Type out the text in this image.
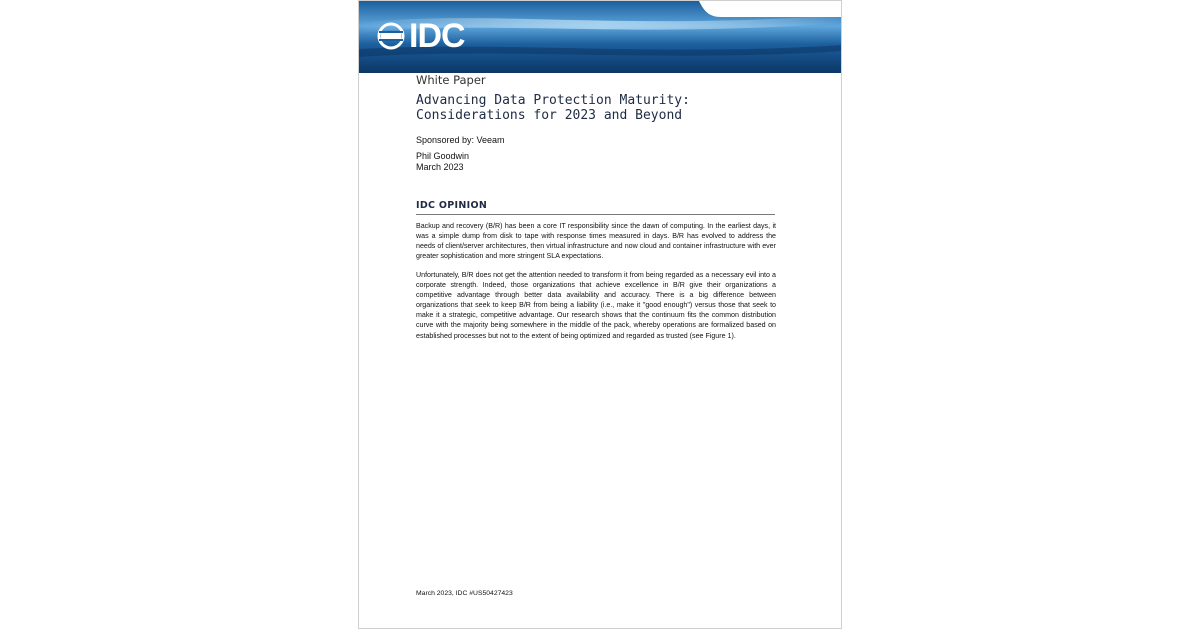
IDC
White Paper
Advancing Data Protection Maturity: Considerations for 2023 and Beyond
Sponsored by: Veeam
Phil Goodwin
March 2023
IDC OPINION
Backup and recovery (B/R) has been a core IT responsibility since the dawn of computing. In the earliest days, it was a simple dump from disk to tape with response times measured in days. B/R has evolved to address the needs of client/server architectures, then virtual infrastructure and now cloud and container infrastructure with ever greater sophistication and more stringent SLA expectations.
Unfortunately, B/R does not get the attention needed to transform it from being regarded as a necessary evil into a corporate strength. Indeed, those organizations that achieve excellence in B/R give their organizations a competitive advantage through better data availability and accuracy. There is a big difference between organizations that seek to keep B/R from being a liability (i.e., make it "good enough") versus those that seek to make it a strategic, competitive advantage. Our research shows that the continuum fits the common distribution curve with the majority being somewhere in the middle of the pack, whereby operations are formalized based on established processes but not to the extent of being optimized and regarded as trusted (see Figure 1).
March 2023, IDC #US50427423
